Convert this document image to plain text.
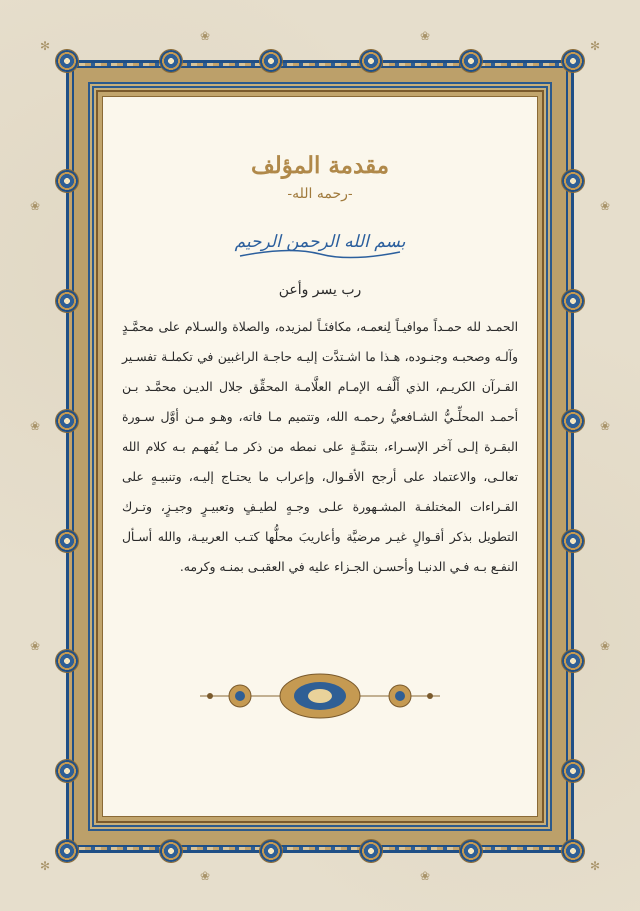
✻	✻
✻	✻
❀	❀
❀	❀
❀	❀
❀	❀
❀	❀
مقدمة المؤلف
-رحمه الله-
بسم الله الرحمن الرحيم
رب يسر وأعن
الحمـد لله حمـداً موافيـاً لِنعمـه، مكافئـاً لمزيده، والصلاة والسـلام على محمَّـدٍ وآلـه وصحبـه وجنـوده، هـذا ما اشـتدَّت إليـه حاجـة الراغبين في تكملـة تفسـير القـرآن الكريـم، الذي أَلَّفـه الإمـام العلَّامـة المحقِّق جلال الديـن محمَّـد بـن أحمـد المحلِّـيُّ الشـافعيُّ رحمـه الله، وتتميم مـا فاته، وهـو مـن أوَّل سـورة البقـرة إلـى آخر الإسـراء، بتتمَّـةٍ على نمطه من ذكر مـا يُفهـم بـه كلام الله تعالـى، والاعتماد على أرجح الأقـوال، وإعراب ما يحتـاج إليـه، وتنبيـهٍ على القـراءات المختلفـة المشـهورة علـى وجـهٍ لطيـفٍ وتعبيـرٍ وجيـزٍ، وتـرك التطويل بذكر أقـوالٍ غيـر مرضيَّة وأعاريبَ محلُّها كتـب العربيـة، والله أسـأل النفـع بـه فـي الدنيـا وأحسـن الجـزاء عليه في العقبـى بمنـه وكرمه.
